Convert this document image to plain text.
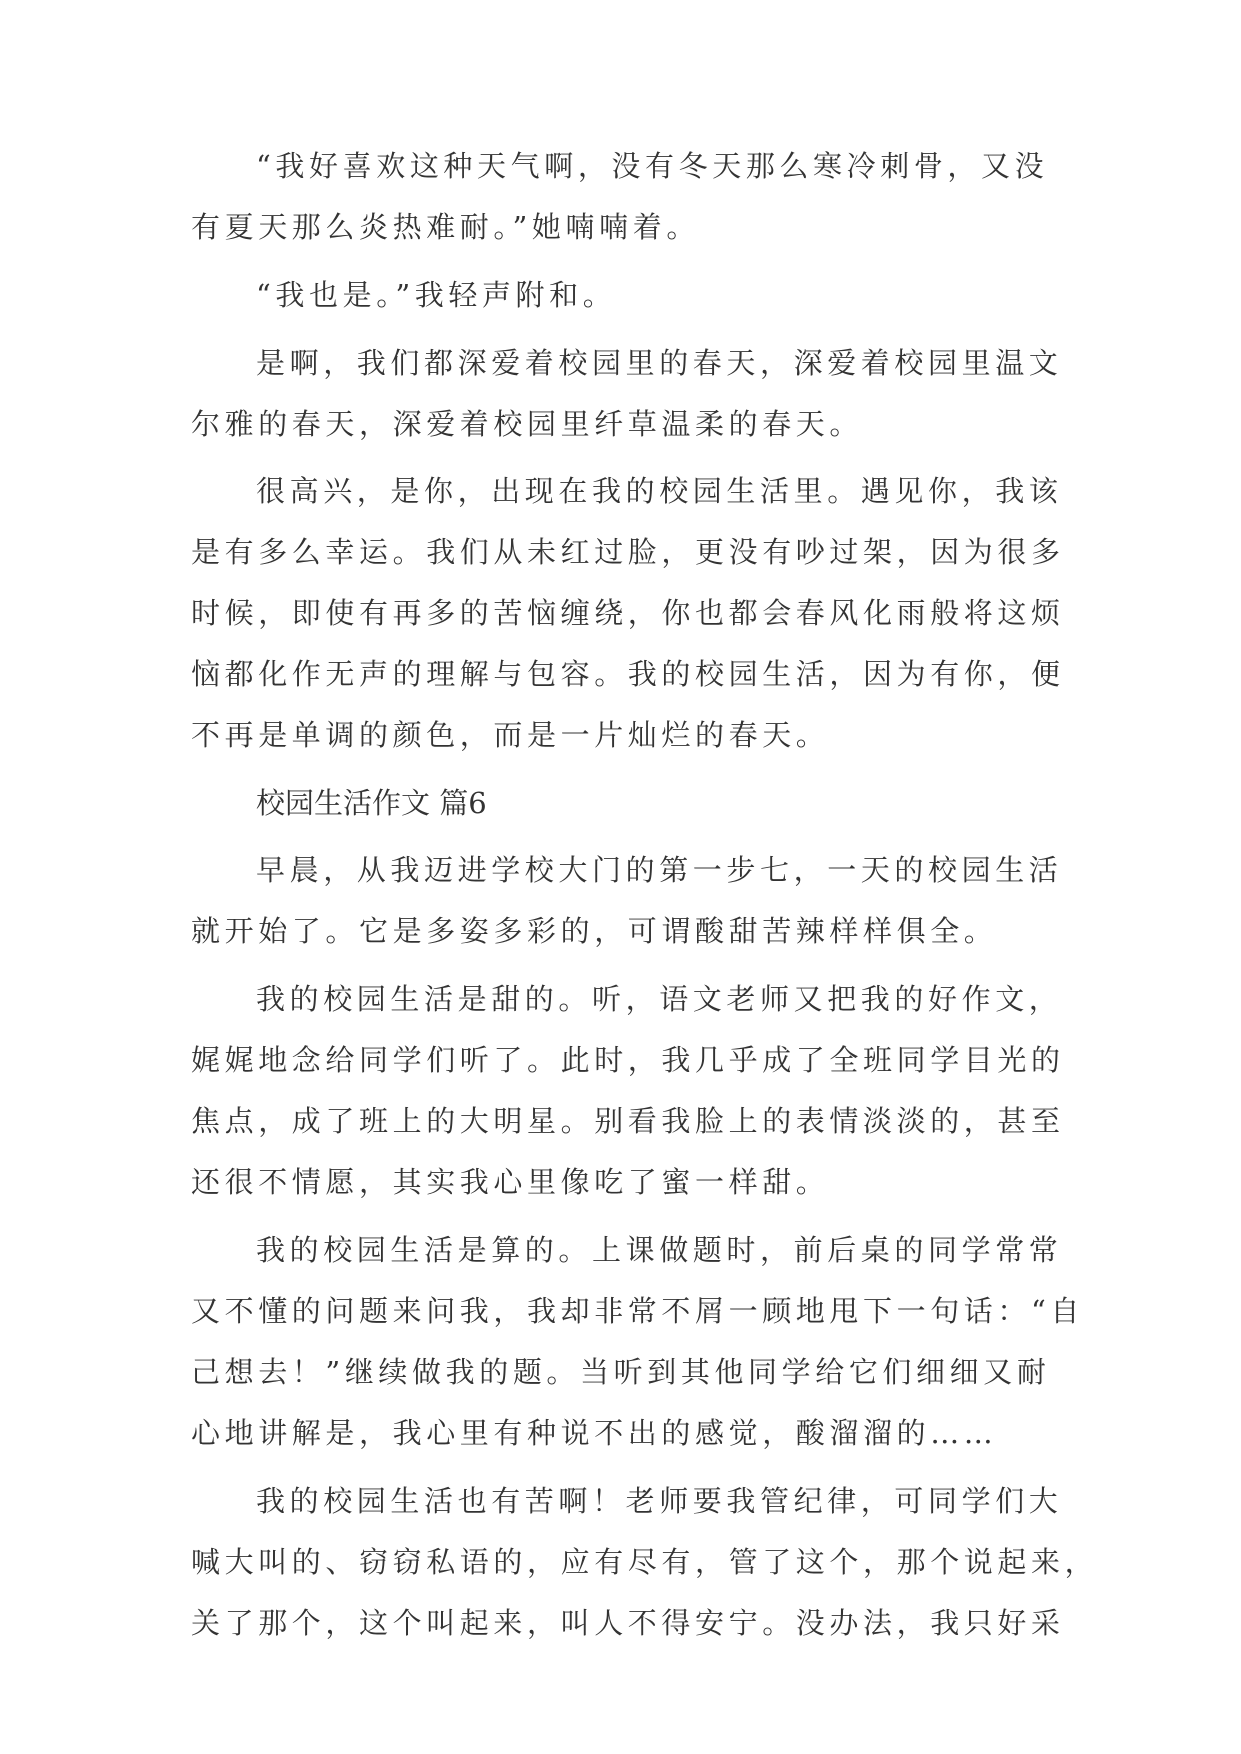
“我好喜欢这种天气啊，没有冬天那么寒冷刺骨，又没

有夏天那么炎热难耐。”她喃喃着。

“我也是。”我轻声附和。

是啊，我们都深爱着校园里的春天，深爱着校园里温文

尔雅的春天，深爱着校园里纤草温柔的春天。

很高兴，是你，出现在我的校园生活里。遇见你，我该

是有多么幸运。我们从未红过脸，更没有吵过架，因为很多

时候，即使有再多的苦恼缠绕，你也都会春风化雨般将这烦

恼都化作无声的理解与包容。我的校园生活，因为有你，便

不再是单调的颜色，而是一片灿烂的春天。

校园生活作文 篇6

早晨，从我迈进学校大门的第一步七，一天的校园生活

就开始了。它是多姿多彩的，可谓酸甜苦辣样样俱全。

我的校园生活是甜的。听，语文老师又把我的好作文，

娓娓地念给同学们听了。此时，我几乎成了全班同学目光的

焦点，成了班上的大明星。别看我脸上的表情淡淡的，甚至

还很不情愿，其实我心里像吃了蜜一样甜。

我的校园生活是算的。上课做题时，前后桌的同学常常

又不懂的问题来问我，我却非常不屑一顾地甩下一句话：“自

己想去！”继续做我的题。当听到其他同学给它们细细又耐

心地讲解是，我心里有种说不出的感觉，酸溜溜的……

我的校园生活也有苦啊！老师要我管纪律，可同学们大

喊大叫的、窃窃私语的，应有尽有，管了这个，那个说起来，

关了那个，这个叫起来，叫人不得安宁。没办法，我只好采
